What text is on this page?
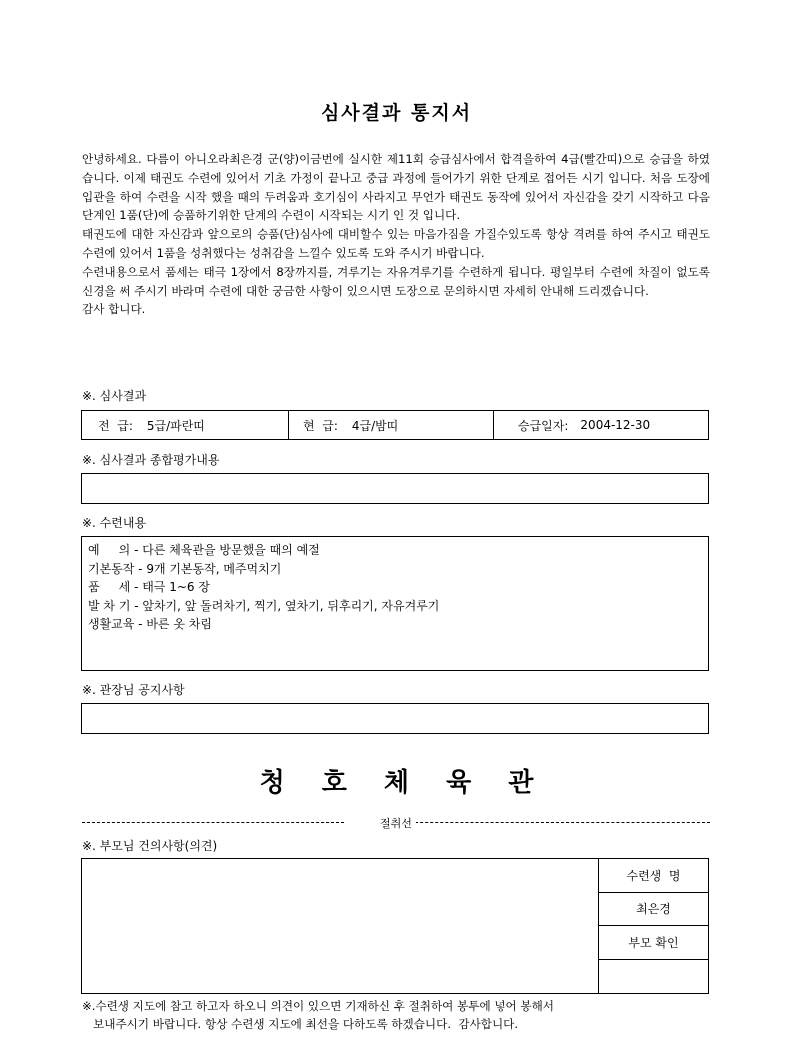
심사결과 통지서

안녕하세요. 다름이 아니오라최은경 군(양)이금번에 실시한 제11회 승급심사에서 합격을하여 4급(빨간띠)으로 승급을 하였습니다. 이제 태권도 수련에 있어서 기초 가정이 끝나고 중급 과정에 들어가기 위한 단계로 접어든 시기 입니다. 처음 도장에 입관을 하여 수련을 시작 했을 때의 두려움과 호기심이 사라지고 무언가 태권도 동작에 있어서 자신감을 갖기 시작하고 다음 단계인 1품(단)에 승품하기위한 단계의 수련이 시작되는 시기 인 것 입니다.

태권도에 대한 자신감과 앞으로의 승품(단)심사에 대비할수 있는 마음가짐을 가질수있도록 항상 격려를 하여 주시고 태권도 수련에 있어서 1품을 성취했다는 성취감을 느낄수 있도록 도와 주시기 바랍니다.

수련내용으로서 품세는 태극 1장에서 8장까지를, 겨루기는 자유겨루기를 수련하게 됩니다. 평일부터 수련에 차질이 없도록 신경을 써 주시기 바라며 수련에 대한 궁금한 사항이 있으시면 도장으로 문의하시면 자세히 안내해 드리겠습니다.

감사 합니다.

※. 심사결과
전  급: 5급/파란띠	현  급: 4급/밤띠	승급일자: 2004-12-30
※. 심사결과 종합평가내용
※. 수련내용
예     의 - 다른 체육관을 방문했을 때의 예절
기본동작 - 9개 기본동작, 메주먹치기
품     세 - 태극 1~6 장
발 차 기 - 앞차기, 앞 돌려차기, 찍기, 옆차기, 뒤후리기, 자유겨루기
생활교육 - 바른 옷 차림
※. 관장님 공지사항
청 호 체 육 관
절취선
※. 부모님 건의사항(의견)
수련생  명
최은경
부모 확인
※.수련생 지도에 참고 하고자 하오니 의견이 있으면 기재하신 후 절취하여 봉투에 넣어 봉해서
보내주시기 바랍니다. 항상 수련생 지도에 최선을 다하도록 하겠습니다.  감사합니다.
